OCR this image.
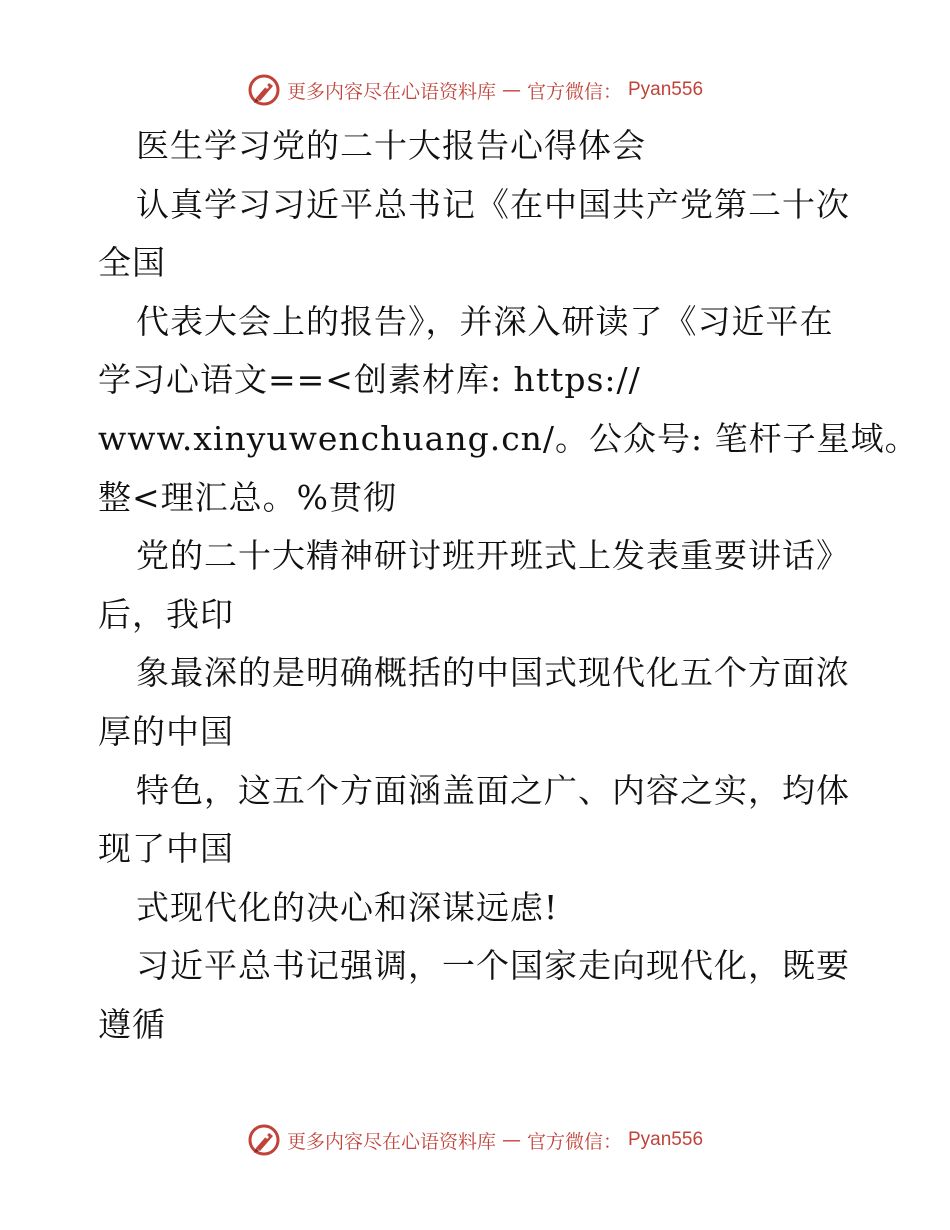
更多内容尽在心语资料库 — 官方微信： Pyan556
医生学习党的二十大报告心得体会
认真学习习近平总书记《在中国共产党第二十次
全国
代表大会上的报告》，并深入研读了《习近平在
学习心语文==<创素材库: https://
www.xinyuwenchuang.cn/。公众号: 笔杆子星域。
整<理汇总。%贯彻
党的二十大精神研讨班开班式上发表重要讲话》
后，我印
象最深的是明确概括的中国式现代化五个方面浓
厚的中国
特色，这五个方面涵盖面之广、内容之实，均体
现了中国
式现代化的决心和深谋远虑!
习近平总书记强调，一个国家走向现代化，既要
遵循
更多内容尽在心语资料库 — 官方微信： Pyan556
